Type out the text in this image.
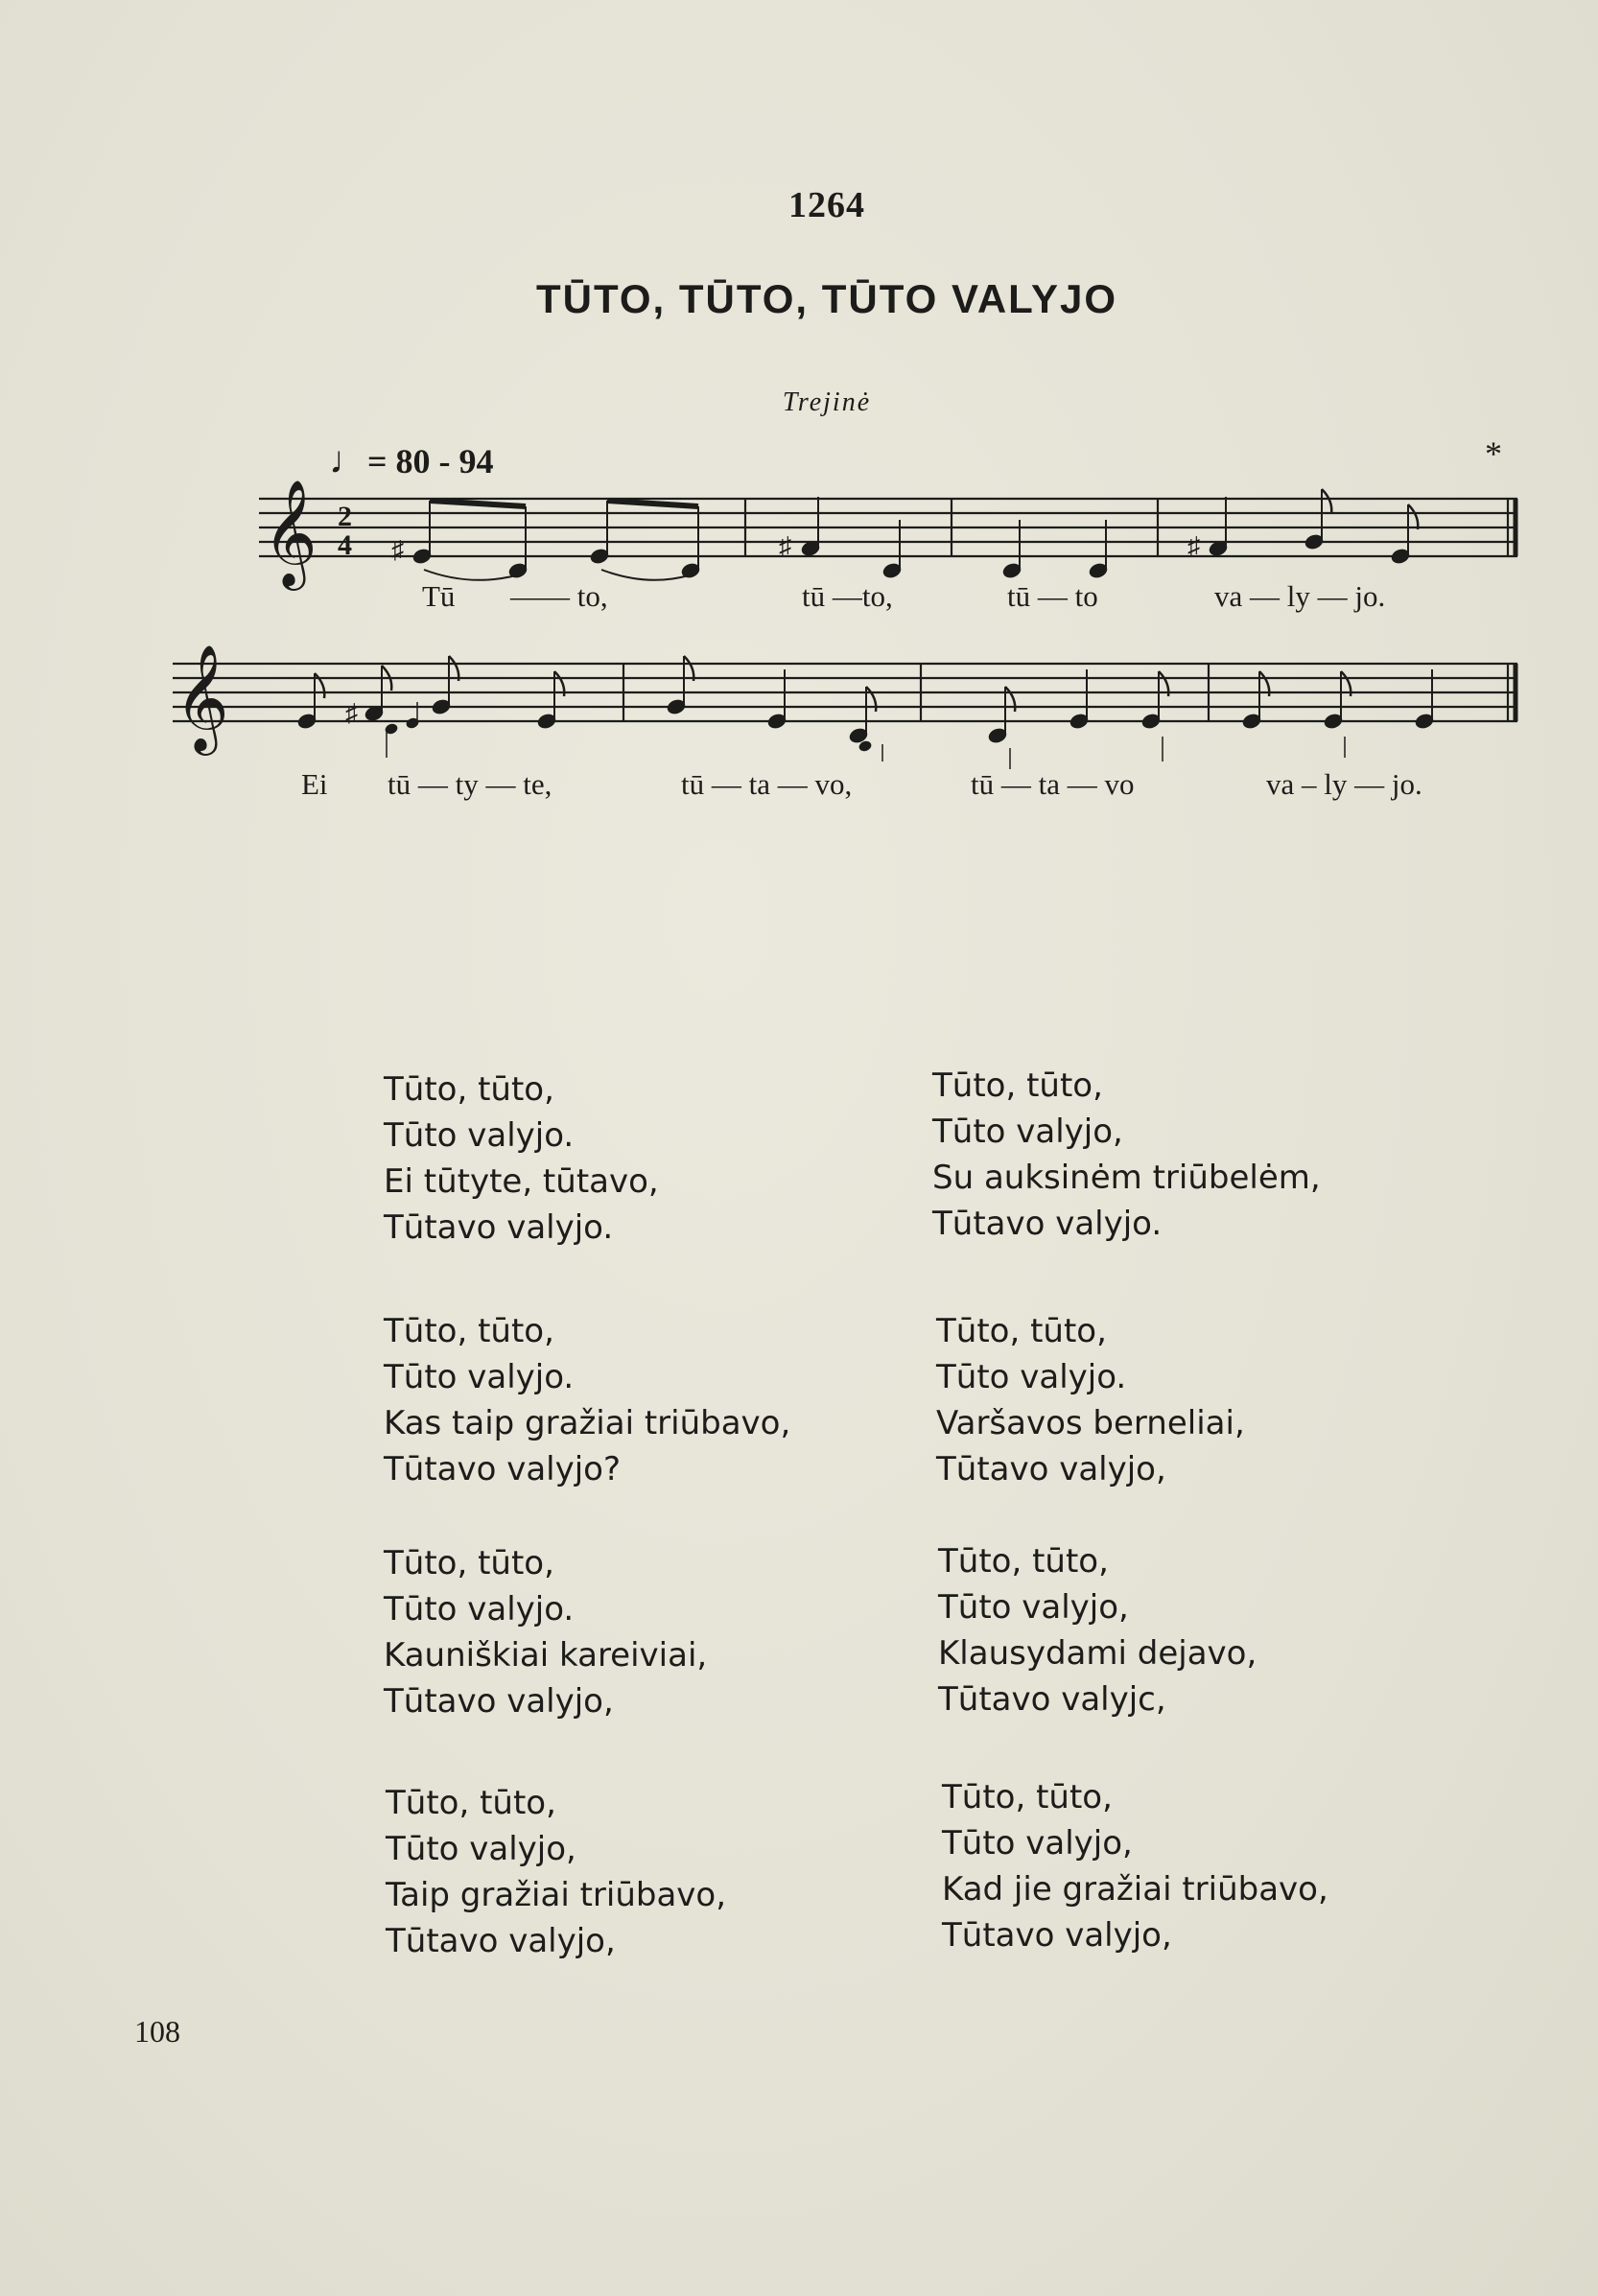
1264
TŪTO, TŪTO, TŪTO VALYJO
Trejinė
♩= 80 - 94	*
𝄞 2
4 ♯	♯	♯
Tū —— to,	tū —to,	tū — to	va — ly — jo.
𝄞	♯
Ei tū — ty — te,	tū — ta — vo,	tū — ta — vo	va – ly — jo.
Tūto, tūto,
Tūto valyjo.
Ei tūtyte, tūtavo,
Tūtavo valyjo.
Tūto, tūto,
Tūto valyjo,
Su auksinėm triūbelėm,
Tūtavo valyjo.
Tūto, tūto,
Tūto valyjo.
Kas taip gražiai triūbavo,
Tūtavo valyjo?
Tūto, tūto,
Tūto valyjo.
Varšavos berneliai,
Tūtavo valyjo,
Tūto, tūto,
Tūto valyjo.
Kauniškiai kareiviai,
Tūtavo valyjo,
Tūto, tūto,
Tūto valyjo,
Klausydami dejavo,
Tūtavo valyjc,
Tūto, tūto,
Tūto valyjo,
Taip gražiai triūbavo,
Tūtavo valyjo,
Tūto, tūto,
Tūto valyjo,
Kad jie gražiai triūbavo,
Tūtavo valyjo,
108
